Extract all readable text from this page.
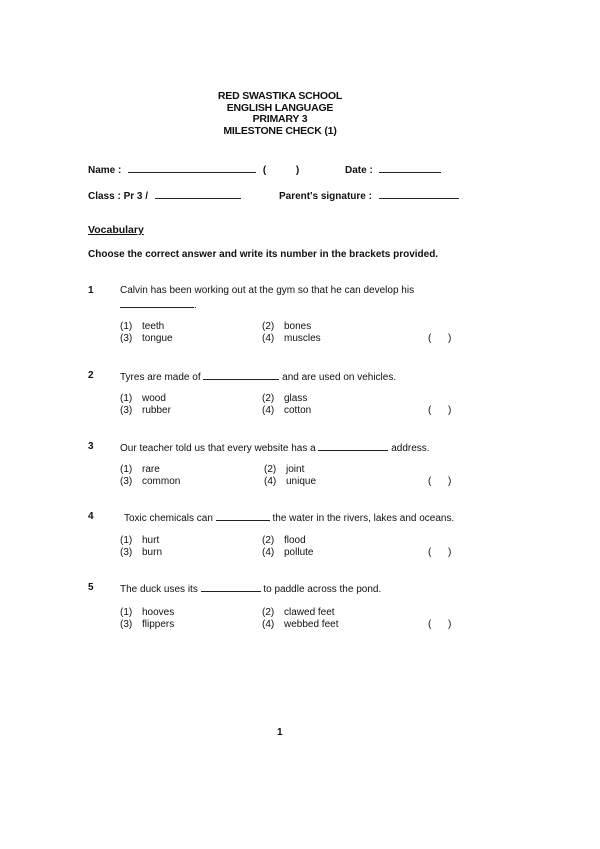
RED SWASTIKA SCHOOL
ENGLISH LANGUAGE
PRIMARY 3
MILESTONE CHECK (1)
Name :	(	)	Date :
Class : Pr 3 /	Parent's signature :
Vocabulary
Choose the correct answer and write its number in the brackets provided.
1	Calvin has been working out at the gym so that he can develop his
.
(1) teeth	(2) bones
(3) tongue	(4) muscles	(      )
2	Tyres are made of	and are used on vehicles.
(1) wood	(2) glass
(3) rubber	(4) cotton	(      )
3	Our teacher told us that every website has a	address.
(1) rare	(2) joint
(3) common	(4) unique	(      )
4	Toxic chemicals can	the water in the rivers, lakes and oceans.
(1) hurt	(2) flood
(3) burn	(4) pollute	(      )
5	The duck uses its	to paddle across the pond.
(1) hooves	(2) clawed feet
(3) flippers	(4) webbed feet	(      )
1
